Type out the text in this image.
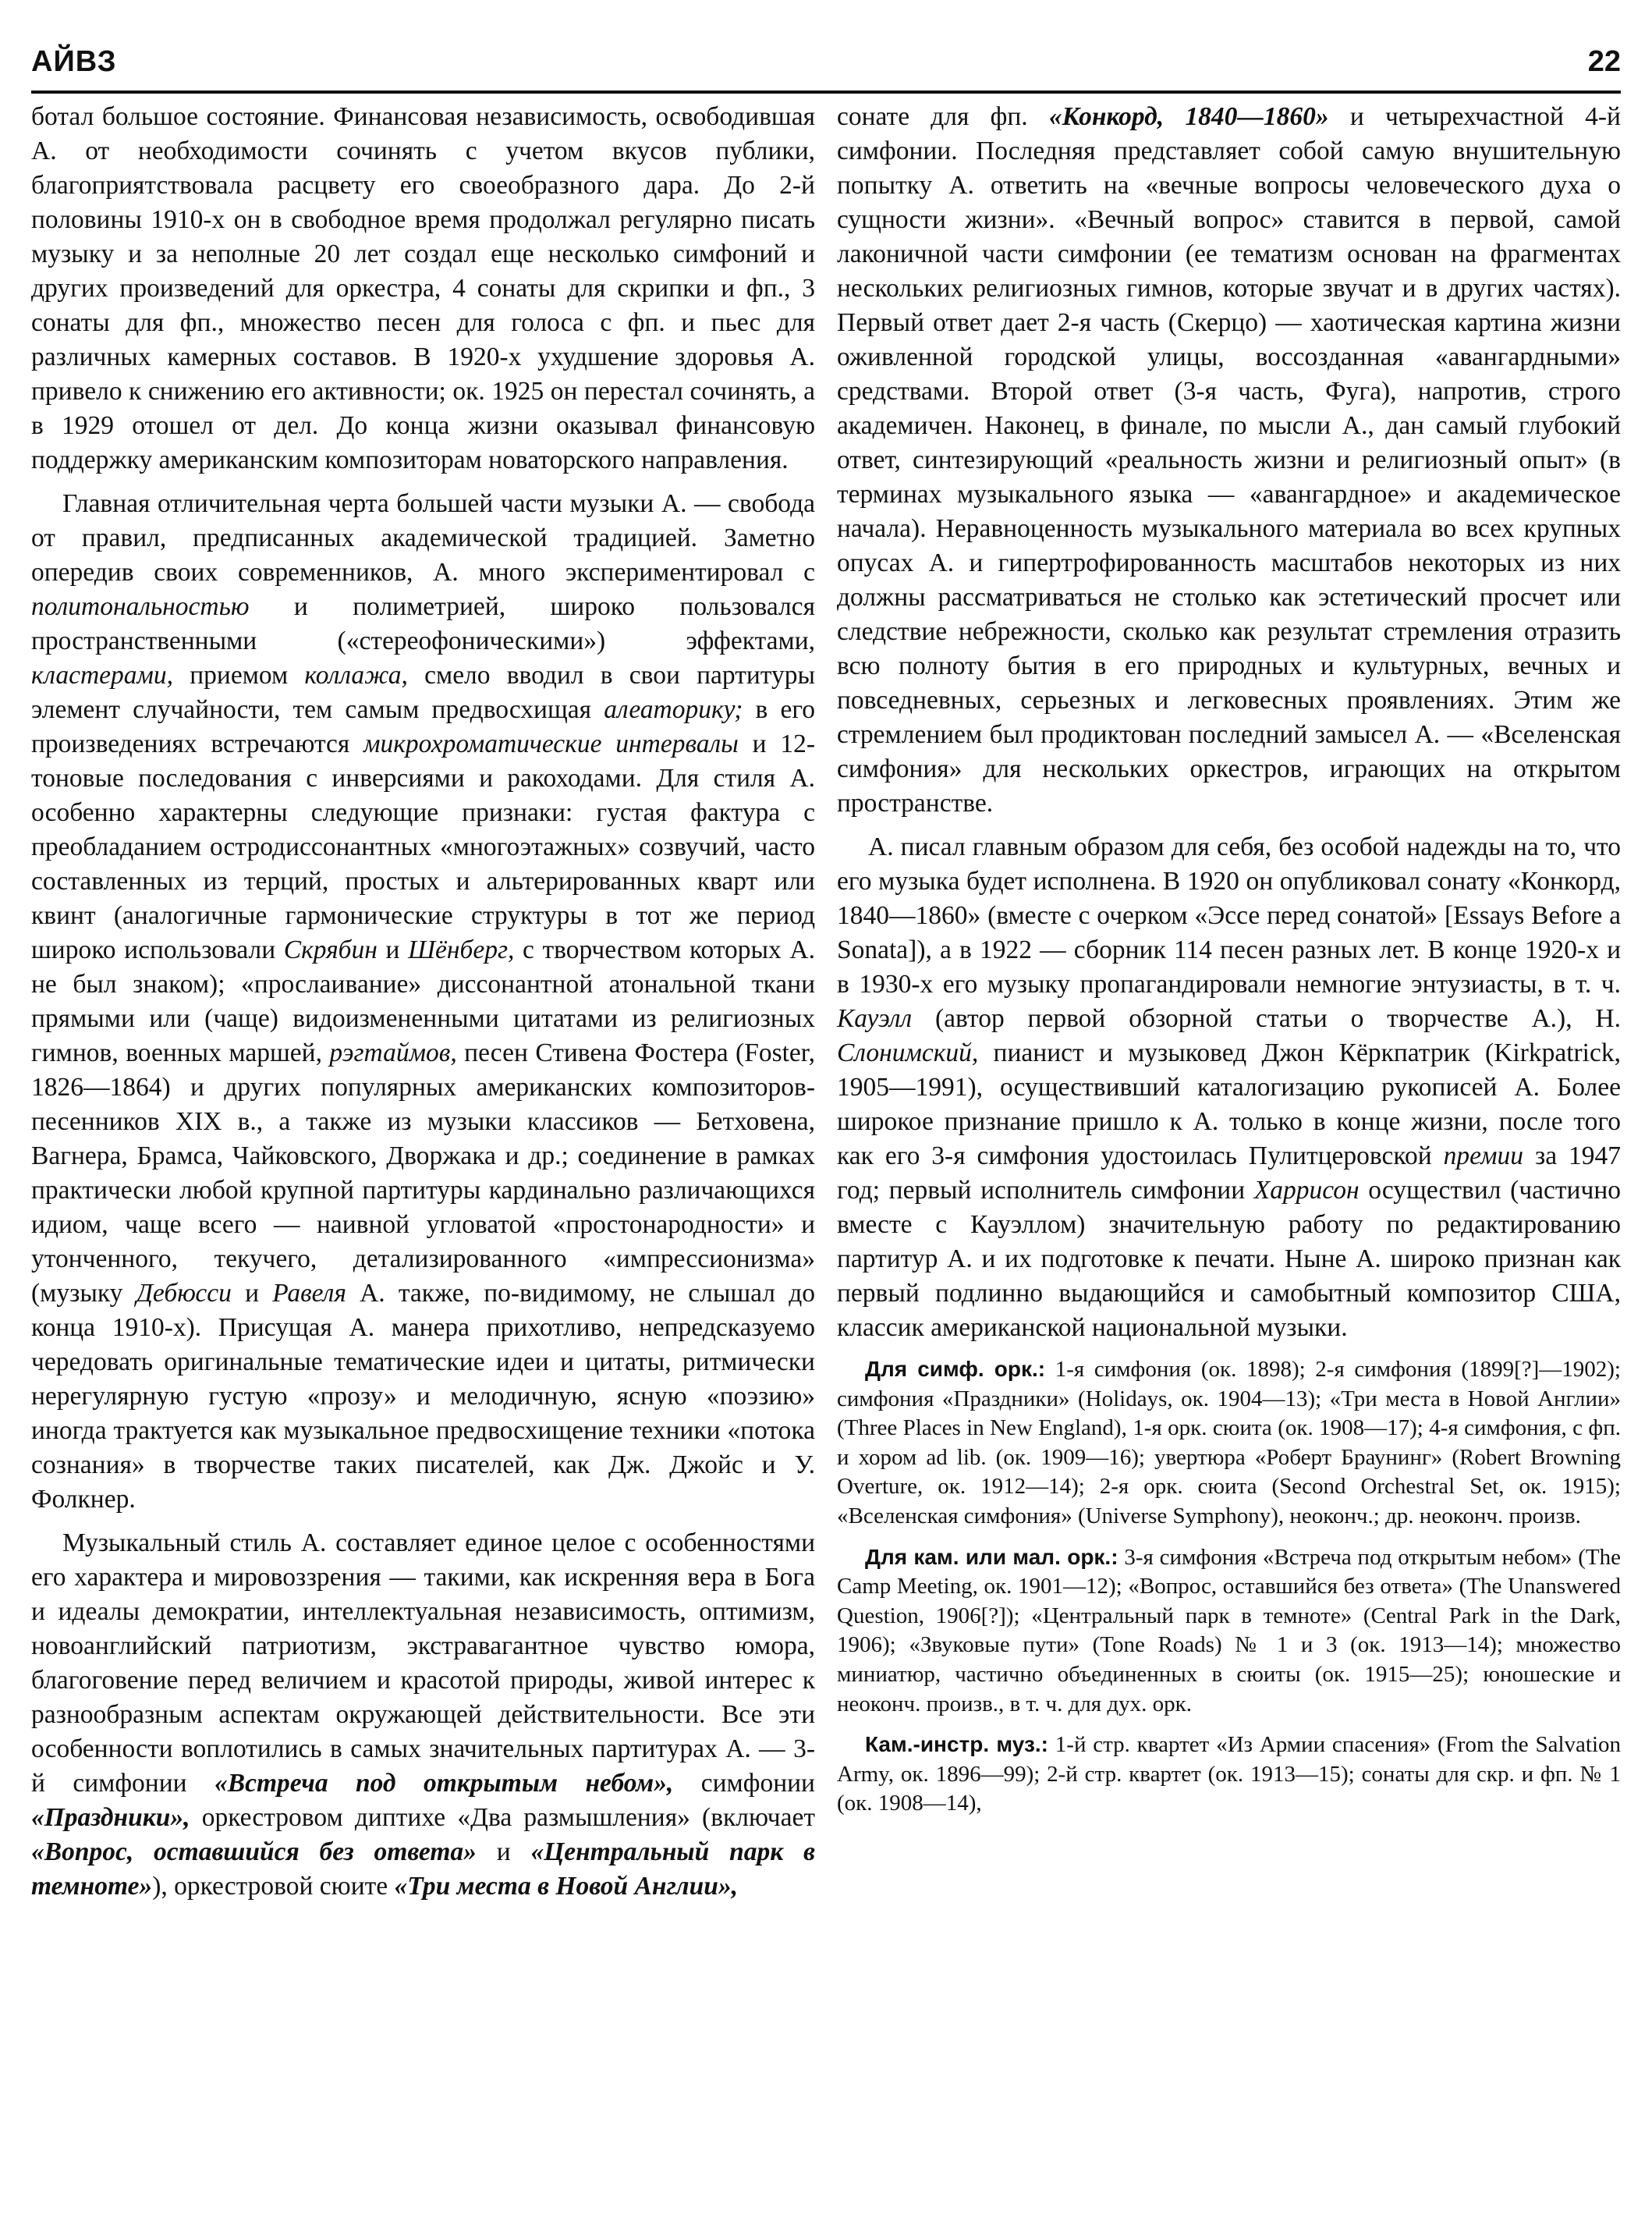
АЙВЗ	22

ботал большое состояние. Финансовая независимость, освободившая А. от необходимости сочинять с учетом вкусов публики, благоприятствовала расцвету его своеобразного дара. До 2-й половины 1910-х он в свободное время продолжал регулярно писать музыку и за неполные 20 лет создал еще несколько симфоний и других произведений для оркестра, 4 сонаты для скрипки и фп., 3 сонаты для фп., множество песен для голоса с фп. и пьес для различных камерных составов. В 1920-х ухудшение здоровья А. привело к снижению его активности; ок. 1925 он перестал сочинять, а в 1929 отошел от дел. До конца жизни оказывал финансовую поддержку американским композиторам новаторского направления.

Главная отличительная черта большей части музыки А. — свобода от правил, предписанных академической традицией. Заметно опередив своих современников, А. много экспериментировал с политональностью и полиметрией, широко пользовался пространственными («стереофоническими») эффектами, кластерами, приемом коллажа, смело вводил в свои партитуры элемент случайности, тем самым предвосхищая алеаторику; в его произведениях встречаются микрохроматические интервалы и 12-тоновые последования с инверсиями и ракоходами. Для стиля А. особенно характерны следующие признаки: густая фактура с преобладанием остродиссонантных «многоэтажных» созвучий, часто составленных из терций, простых и альтерированных кварт или квинт (аналогичные гармонические структуры в тот же период широко использовали Скрябин и Шёнберг, с творчеством которых А. не был знаком); «прослаивание» диссонантной атональной ткани прямыми или (чаще) видоизмененными цитатами из религиозных гимнов, военных маршей, рэгтаймов, песен Стивена Фостера (Foster, 1826—1864) и других популярных американских композиторов-песенников XIX в., а также из музыки классиков — Бетховена, Вагнера, Брамса, Чайковского, Дворжака и др.; соединение в рамках практически любой крупной партитуры кардинально различающихся идиом, чаще всего — наивной угловатой «простонародности» и утонченного, текучего, детализированного «импрессионизма» (музыку Дебюсси и Равеля А. также, по-видимому, не слышал до конца 1910-х). Присущая А. манера прихотливо, непредсказуемо чередовать оригинальные тематические идеи и цитаты, ритмически нерегулярную густую «прозу» и мелодичную, ясную «поэзию» иногда трактуется как музыкальное предвосхищение техники «потока сознания» в творчестве таких писателей, как Дж. Джойс и У. Фолкнер.

Музыкальный стиль А. составляет единое целое с особенностями его характера и мировоззрения — такими, как искренняя вера в Бога и идеалы демократии, интеллектуальная независимость, оптимизм, новоанглийский патриотизм, экстравагантное чувство юмора, благоговение перед величием и красотой природы, живой интерес к разнообразным аспектам окружающей действительности. Все эти особенности воплотились в самых значительных партитурах А. — 3-й симфонии «Встреча под открытым небом», симфонии «Праздники», оркестровом диптихе «Два размышления» (включает «Вопрос, оставшийся без ответа» и «Центральный парк в темноте»), оркестровой сюите «Три места в Новой Англии»,

сонате для фп. «Конкорд, 1840—1860» и четырехчастной 4-й симфонии. Последняя представляет собой самую внушительную попытку А. ответить на «вечные вопросы человеческого духа о сущности жизни». «Вечный вопрос» ставится в первой, самой лаконичной части симфонии (ее тематизм основан на фрагментах нескольких религиозных гимнов, которые звучат и в других частях). Первый ответ дает 2-я часть (Скерцо) — хаотическая картина жизни оживленной городской улицы, воссозданная «авангардными» средствами. Второй ответ (3-я часть, Фуга), напротив, строго академичен. Наконец, в финале, по мысли А., дан самый глубокий ответ, синтезирующий «реальность жизни и религиозный опыт» (в терминах музыкального языка — «авангардное» и академическое начала). Неравноценность музыкального материала во всех крупных опусах А. и гипертрофированность масштабов некоторых из них должны рассматриваться не столько как эстетический просчет или следствие небрежности, сколько как результат стремления отразить всю полноту бытия в его природных и культурных, вечных и повседневных, серьезных и легковесных проявлениях. Этим же стремлением был продиктован последний замысел А. — «Вселенская симфония» для нескольких оркестров, играющих на открытом пространстве.

А. писал главным образом для себя, без особой надежды на то, что его музыка будет исполнена. В 1920 он опубликовал сонату «Конкорд, 1840—1860» (вместе с очерком «Эссе перед сонатой» [Essays Before a Sonata]), а в 1922 — сборник 114 песен разных лет. В конце 1920-х и в 1930-х его музыку пропагандировали немногие энтузиасты, в т. ч. Кауэлл (автор первой обзорной статьи о творчестве А.), Н. Слонимский, пианист и музыковед Джон Кёркпатрик (Kirkpatrick, 1905—1991), осуществивший каталогизацию рукописей А. Более широкое признание пришло к А. только в конце жизни, после того как его 3-я симфония удостоилась Пулитцеровской премии за 1947 год; первый исполнитель симфонии Харрисон осуществил (частично вместе с Кауэллом) значительную работу по редактированию партитур А. и их подготовке к печати. Ныне А. широко признан как первый подлинно выдающийся и самобытный композитор США, классик американской национальной музыки.

Для симф. орк.: 1-я симфония (ок. 1898); 2-я симфония (1899[?]—1902); симфония «Праздники» (Holidays, ок. 1904—13); «Три места в Новой Англии» (Three Places in New England), 1-я орк. сюита (ок. 1908—17); 4-я симфония, с фп. и хором ad lib. (ок. 1909—16); увертюра «Роберт Браунинг» (Robert Browning Overture, ок. 1912—14); 2-я орк. сюита (Second Orchestral Set, ок. 1915); «Вселенская симфония» (Universe Symphony), неоконч.; др. неоконч. произв.

Для кам. или мал. орк.: 3-я симфония «Встреча под открытым небом» (The Camp Meeting, ок. 1901—12); «Вопрос, оставшийся без ответа» (The Unanswered Question, 1906[?]); «Центральный парк в темноте» (Central Park in the Dark, 1906); «Звуковые пути» (Tone Roads) № 1 и 3 (ок. 1913—14); множество миниатюр, частично объединенных в сюиты (ок. 1915—25); юношеские и неоконч. произв., в т. ч. для дух. орк.

Кам.-инстр. муз.: 1-й стр. квартет «Из Армии спасения» (From the Salvation Army, ок. 1896—99); 2-й стр. квартет (ок. 1913—15); сонаты для скр. и фп. № 1 (ок. 1908—14),
